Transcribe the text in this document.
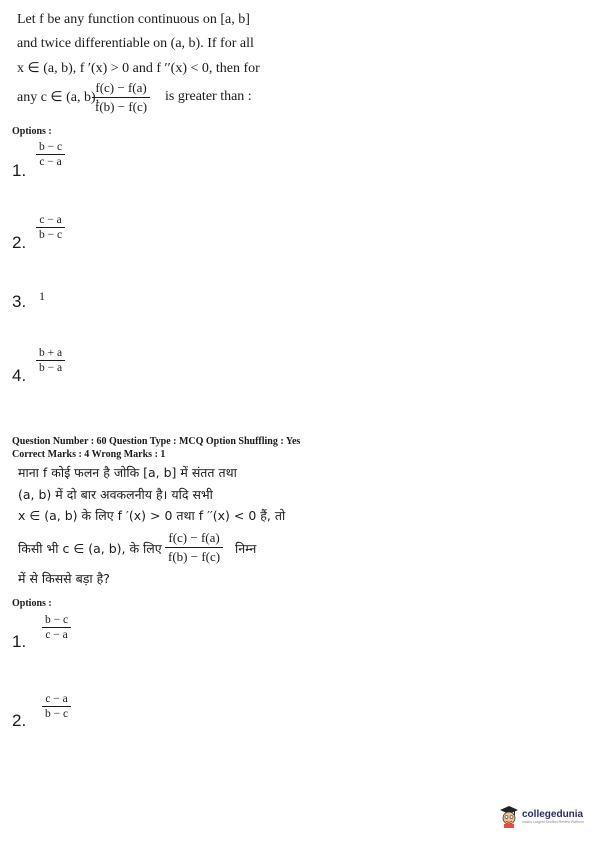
Let f be any function continuous on [a, b]
and twice differentiable on (a, b). If for all
x ∈ (a, b), f ′(x) > 0 and f ′′(x) < 0, then for
any c ∈ (a, b),
$\frac{f(c) - f(a)}{f(b) - f(c)}$ is greater than :
Options :
$\frac{b - c}{c - a}$
1.
$\frac{c - a}{b - c}$
2.
3. 1
$\frac{b + a}{b - a}$
4.
Question Number : 60 Question Type : MCQ Option Shuffling : Yes
Correct Marks : 4 Wrong Marks : 1
माना f कोई फलन है जोकि [a, b] में संतत तथा
(a, b) में दो बार अवकलनीय है। यदि सभी
x ∈ (a, b) के लिए f ′(x) > 0 तथा f ′′(x) < 0 हैं, तो
किसी भी c ∈ (a, b), के लिए $\frac{f(c) - f(a)}{f(b) - f(c)}$ निम्न
में से किससे बड़ा है?
Options :
$\frac{b - c}{c - a}$
1.
$\frac{c - a}{b - c}$
2.
collegedunia
India's Largest Student Review Platform
